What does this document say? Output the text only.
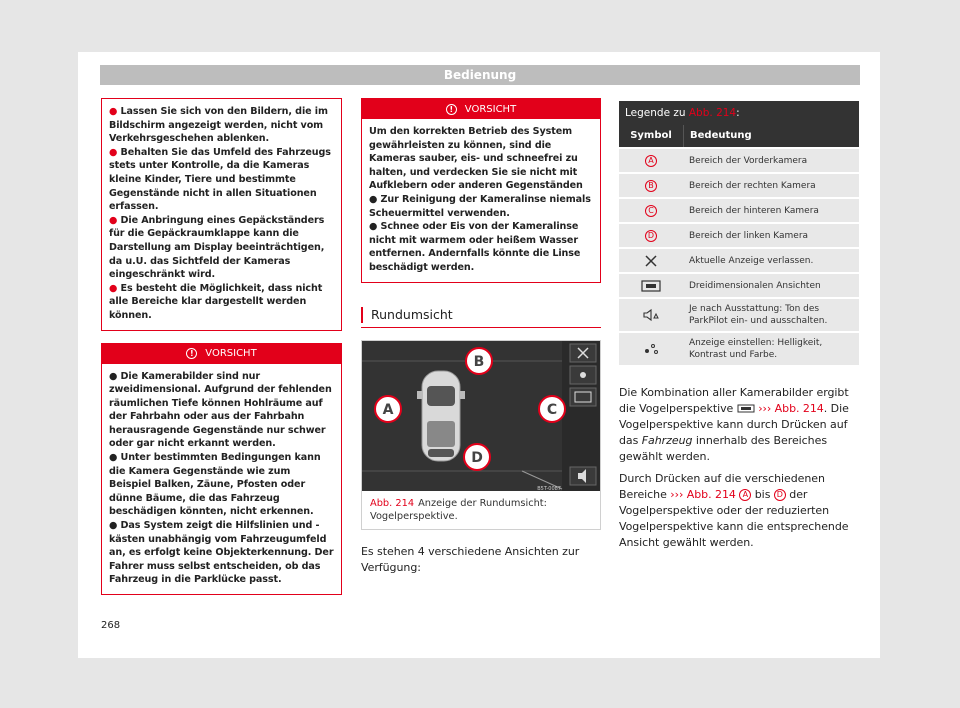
Bedienung
● Lassen Sie sich von den Bildern, die im Bildschirm angezeigt werden, nicht vom Verkehrsgeschehen ablenken.
● Behalten Sie das Umfeld des Fahrzeugs stets unter Kontrolle, da die Kameras kleine Kinder, Tiere und bestimmte Gegenstände nicht in allen Situationen erfassen.
● Die Anbringung eines Gepäckständers für die Gepäckraumklappe kann die Darstellung am Display beeinträchtigen, da u.U. das Sichtfeld der Kameras eingeschränkt wird.
● Es besteht die Möglichkeit, dass nicht alle Bereiche klar dargestellt werden können.
!	VORSICHT
● Die Kamerabilder sind nur zweidimensional. Aufgrund der fehlenden räumlichen Tiefe können Hohlräume auf der Fahrbahn oder aus der Fahrbahn herausragende Gegenstände nur schwer oder gar nicht erkannt werden.
● Unter bestimmten Bedingungen kann die Kamera Gegenstände wie zum Beispiel Balken, Zäune, Pfosten oder dünne Bäume, die das Fahrzeug beschädigen könnten, nicht erkennen.
● Das System zeigt die Hilfslinien und -kästen unabhängig vom Fahrzeugumfeld an, es erfolgt keine Objekterkennung. Der Fahrer muss selbst entscheiden, ob das Fahrzeug in die Parklücke passt.
!	VORSICHT

Um den korrekten Betrieb des System gewährleisten zu können, sind die Kameras sauber, eis- und schneefrei zu halten, und verdecken Sie sie nicht mit Aufklebern oder anderen Gegenständen

● Zur Reinigung der Kameralinse niemals Scheuermittel verwenden.
● Schnee oder Eis von der Kameralinse nicht mit warmem oder heißem Wasser entfernen. Andernfalls könnte die Linse beschädigt werden.
Rundumsicht
A
B
C
D
B5T-0087
Abb. 214 Anzeige der Rundumsicht: Vogelperspektive.

Es stehen 4 verschiedene Ansichten zur Verfügung:

Legende zu Abb. 214:
Symbol	Bedeutung
A	Bereich der Vorderkamera
B	Bereich der rechten Kamera
C	Bereich der hinteren Kamera
D	Bereich der linken Kamera
Aktuelle Anzeige verlassen.
Dreidimensionalen Ansichten
Je nach Ausstattung: Ton des ParkPilot ein- und ausschalten.
Anzeige einstellen: Helligkeit, Kontrast und Farbe.

Die Kombination aller Kamerabilder ergibt die Vogelperspektive ››› Abb. 214. Die Vogelperspektive kann durch Drücken auf das Fahrzeug innerhalb des Bereiches gewählt werden.

Durch Drücken auf die verschiedenen Bereiche ››› Abb. 214 A bis D der Vogelperspektive oder der reduzierten Vogelperspektive kann die entsprechende Ansicht gewählt werden.

268
